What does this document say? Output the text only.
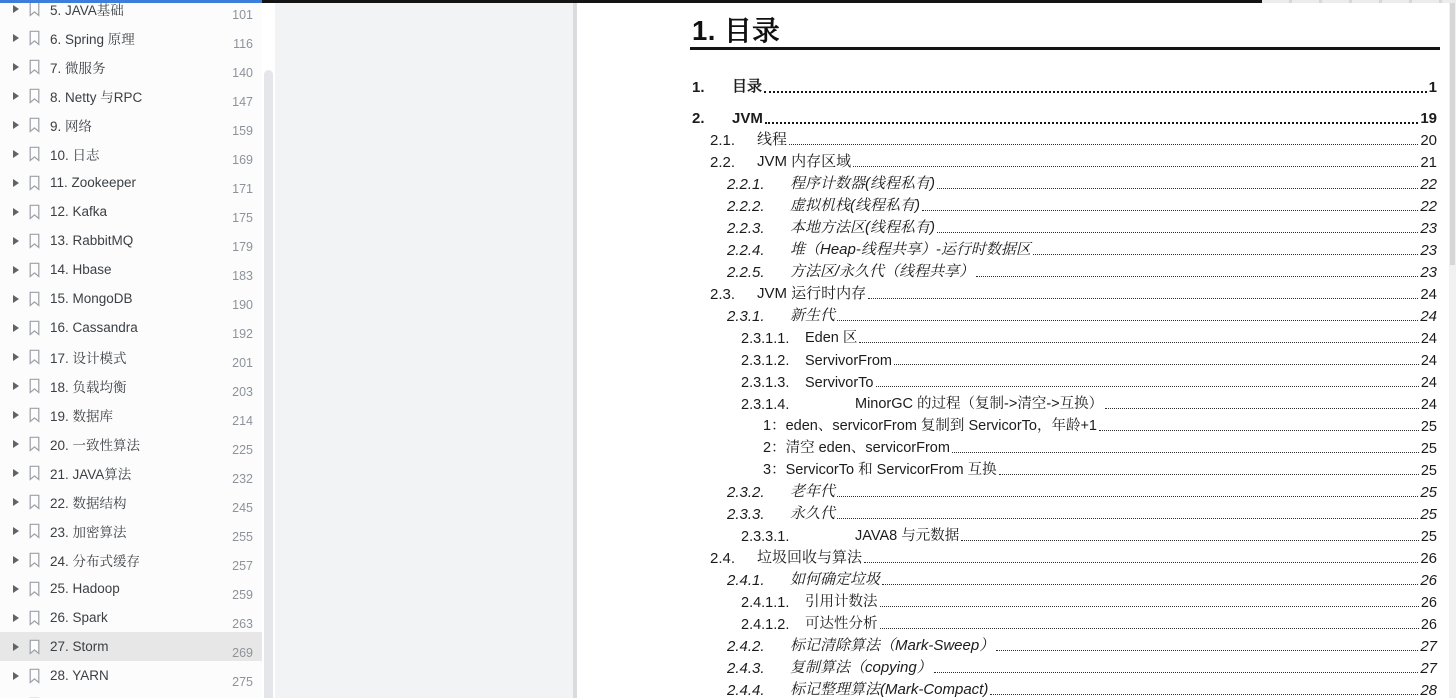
5. JAVA基础	101
6. Spring 原理	116
7. 微服务	140
8. Netty 与RPC	147
9. 网络	159
10. 日志	169
11. Zookeeper	171
12. Kafka	175
13. RabbitMQ	179
14. Hbase	183
15. MongoDB	190
16. Cassandra	192
17. 设计模式	201
18. 负载均衡	203
19. 数据库	214
20. 一致性算法	225
21. JAVA算法	232
22. 数据结构	245
23. 加密算法	255
24. 分布式缓存	257
25. Hadoop	259
26. Spark	263
27. Storm	269
28. YARN	275
1. 目录
1.	目录	1
2.	JVM	19
2.1.	线程	20
2.2.	JVM 内存区域	21
2.2.1.	程序计数器(线程私有)	22
2.2.2.	虚拟机栈(线程私有)	22
2.2.3.	本地方法区(线程私有)	23
2.2.4.	堆（Heap-线程共享）-运行时数据区	23
2.2.5.	方法区/永久代（线程共享）	23
2.3.	JVM 运行时内存	24
2.3.1.	新生代	24
2.3.1.1.	Eden 区	24
2.3.1.2.	ServivorFrom	24
2.3.1.3.	ServivorTo	24
2.3.1.4.	MinorGC 的过程（复制->清空->互换）	24
1：eden、servicorFrom 复制到 ServicorTo，年龄+1	25
2：清空 eden、servicorFrom	25
3：ServicorTo 和 ServicorFrom 互换	25
2.3.2.	老年代	25
2.3.3.	永久代	25
2.3.3.1.	JAVA8 与元数据	25
2.4.	垃圾回收与算法	26
2.4.1.	如何确定垃圾	26
2.4.1.1.	引用计数法	26
2.4.1.2.	可达性分析	26
2.4.2.	标记清除算法（Mark-Sweep）	27
2.4.3.	复制算法（copying）	27
2.4.4.	标记整理算法(Mark-Compact)	28
